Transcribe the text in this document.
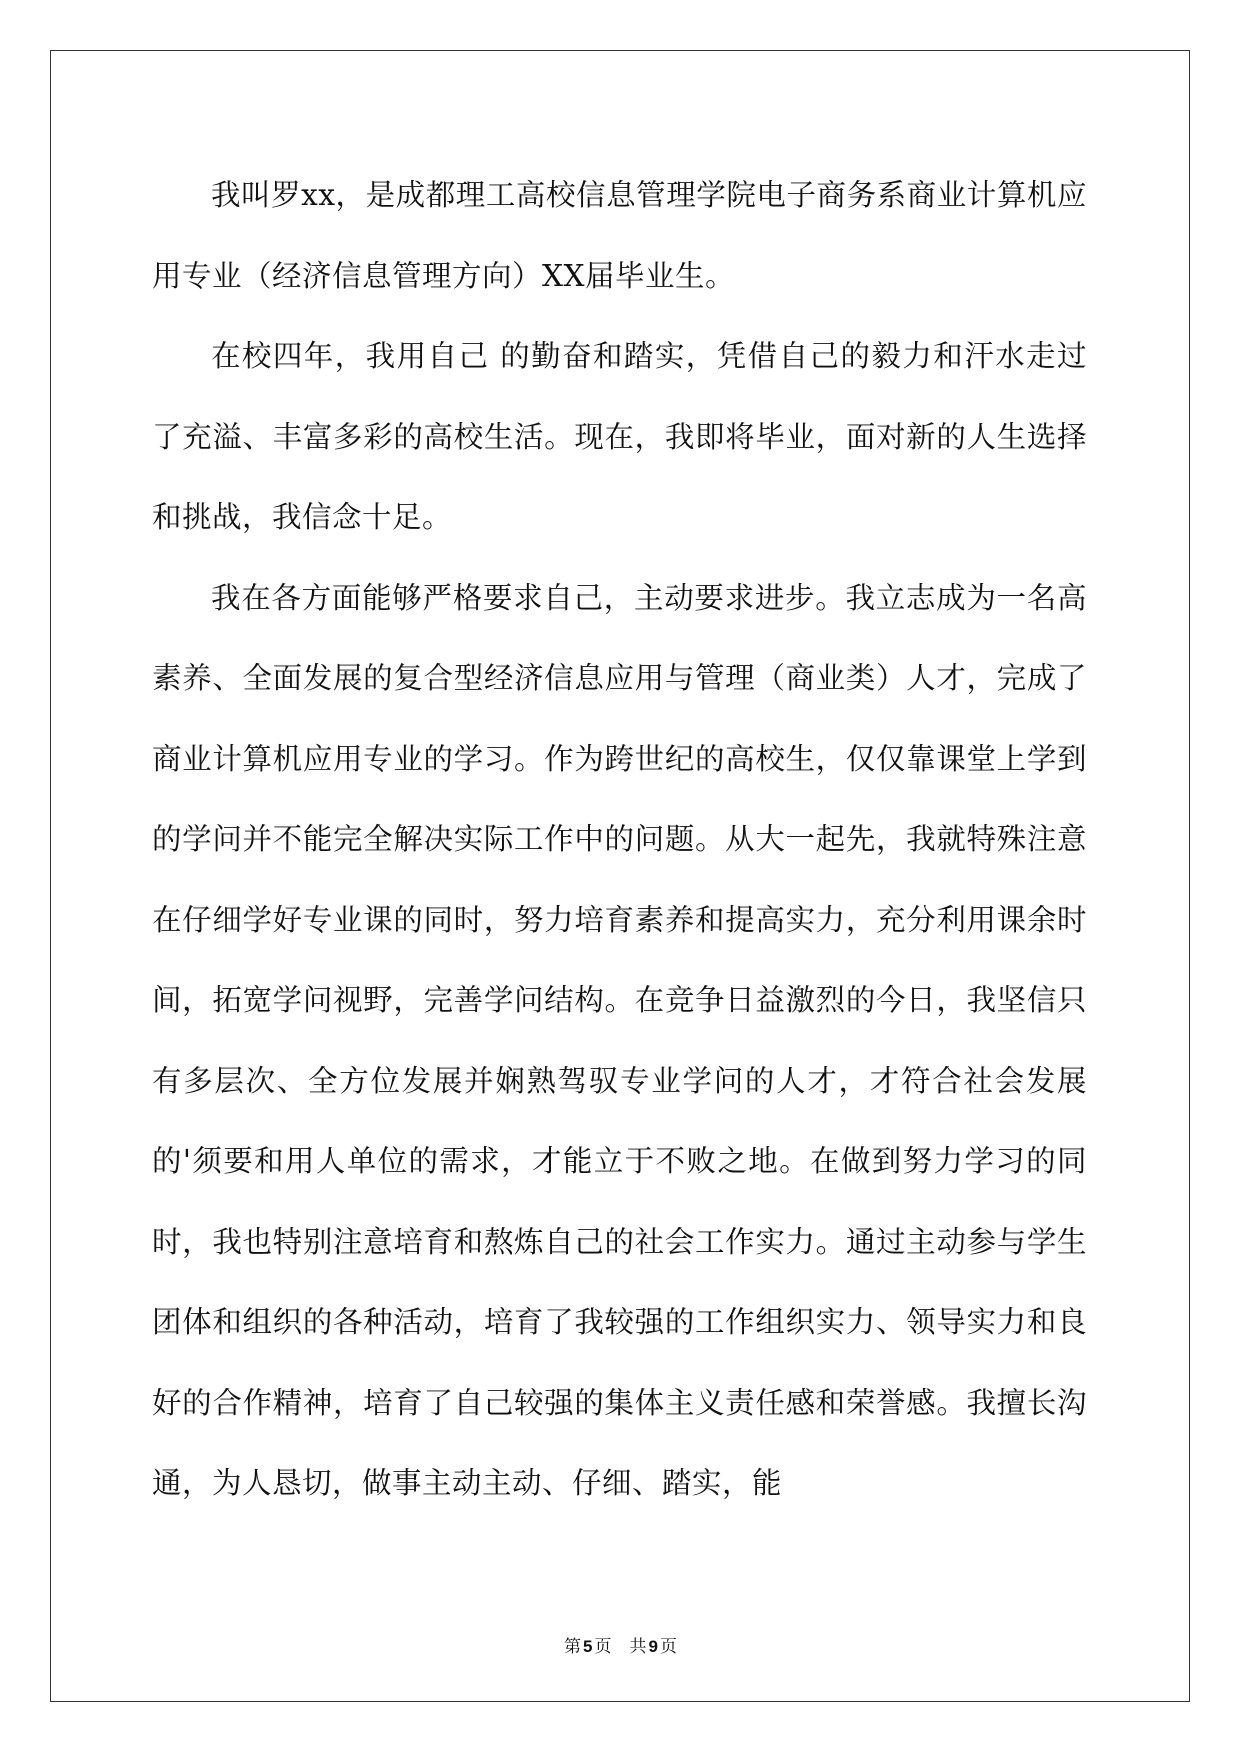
我叫罗xx，是成都理工高校信息管理学院电子商务系商业计算机应用专业（经济信息管理方向）XX届毕业生。

在校四年，我用自己 的勤奋和踏实，凭借自己的毅力和汗水走过了充溢、丰富多彩的高校生活。现在，我即将毕业，面对新的人生选择和挑战，我信念十足。

我在各方面能够严格要求自己，主动要求进步。我立志成为一名高素养、全面发展的复合型经济信息应用与管理（商业类）人才，完成了商业计算机应用专业的学习。作为跨世纪的高校生，仅仅靠课堂上学到的学问并不能完全解决实际工作中的问题。从大一起先，我就特殊注意在仔细学好专业课的同时，努力培育素养和提高实力，充分利用课余时间，拓宽学问视野，完善学问结构。在竞争日益激烈的今日，我坚信只有多层次、全方位发展并娴熟驾驭专业学问的人才，才符合社会发展的'须要和用人单位的需求，才能立于不败之地。在做到努力学习的同时，我也特别注意培育和熬炼自己的社会工作实力。通过主动参与学生团体和组织的各种活动，培育了我较强的工作组织实力、领导实力和良好的合作精神，培育了自己较强的集体主义责任感和荣誉感。我擅长沟通，为人恳切，做事主动主动、仔细、踏实，能

第 5 页 共 9 页
